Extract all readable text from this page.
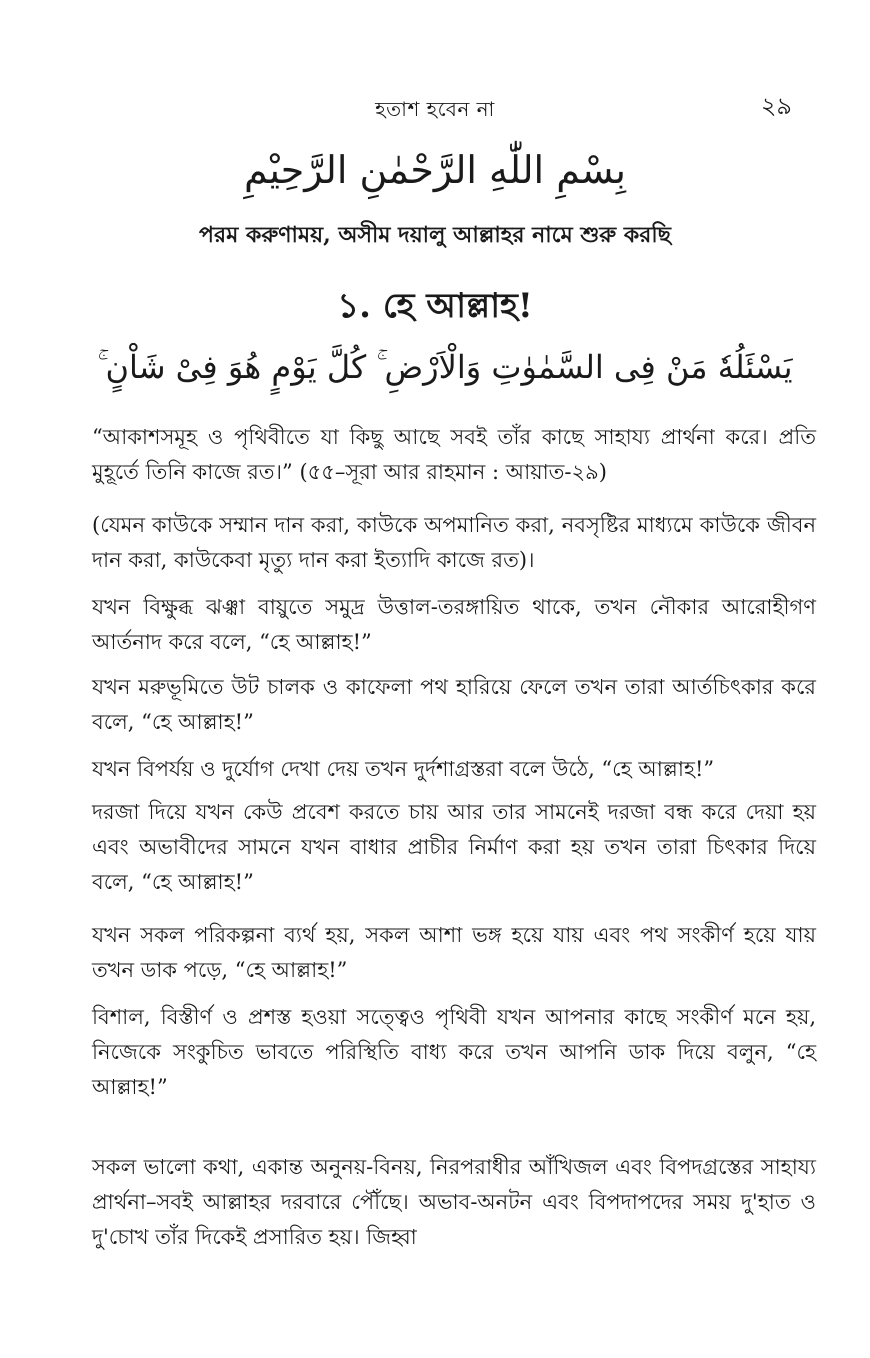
হতাশ হবেন না	২৯
بِسْمِ اللّٰهِ الرَّحْمٰنِ الرَّحِيْمِ
পরম করুণাময়, অসীম দয়ালু আল্লাহর নামে শুরু করছি
১. হে আল্লাহ!
يَسْئَلُهٗ مَنْ فِى السَّمٰوٰتِ وَالْاَرْضِ ۚ كُلَّ يَوْمٍ هُوَ فِىْ شَاْنٍ ۚ
“আকাশসমূহ ও পৃথিবীতে যা কিছু আছে সবই তাঁর কাছে সাহায্য প্রার্থনা করে। প্রতি মুহূর্তে তিনি কাজে রত।” (৫৫–সূরা আর রাহমান : আয়াত-২৯)
(যেমন কাউকে সম্মান দান করা, কাউকে অপমানিত করা, নবসৃষ্টির মাধ্যমে কাউকে জীবন দান করা, কাউকেবা মৃত্যু দান করা ইত্যাদি কাজে রত)।
যখন বিক্ষুব্ধ ঝঞ্ঝা বায়ুতে সমুদ্র উত্তাল-তরঙ্গায়িত থাকে, তখন নৌকার আরোহীগণ আর্তনাদ করে বলে, “হে আল্লাহ!”
যখন মরুভূমিতে উট চালক ও কাফেলা পথ হারিয়ে ফেলে তখন তারা আর্তচিৎকার করে বলে, “হে আল্লাহ!”
যখন বিপর্যয় ও দুর্যোগ দেখা দেয় তখন দুর্দশাগ্রস্তরা বলে উঠে, “হে আল্লাহ!”
দরজা দিয়ে যখন কেউ প্রবেশ করতে চায় আর তার সামনেই দরজা বন্ধ করে দেয়া হয় এবং অভাবীদের সামনে যখন বাধার প্রাচীর নির্মাণ করা হয় তখন তারা চিৎকার দিয়ে বলে, “হে আল্লাহ!”
যখন সকল পরিকল্পনা ব্যর্থ হয়, সকল আশা ভঙ্গ হয়ে যায় এবং পথ সংকীর্ণ হয়ে যায় তখন ডাক পড়ে, “হে আল্লাহ!”
বিশাল, বিস্তীর্ণ ও প্রশস্ত হওয়া সত্ত্বেও পৃথিবী যখন আপনার কাছে সংকীর্ণ মনে হয়, নিজেকে সংকুচিত ভাবতে পরিস্থিতি বাধ্য করে তখন আপনি ডাক দিয়ে বলুন, “হে আল্লাহ!”
সকল ভালো কথা, একান্ত অনুনয়-বিনয়, নিরপরাধীর আঁখিজল এবং বিপদগ্রস্তের সাহায্য প্রার্থনা–সবই আল্লাহর দরবারে পৌঁছে। অভাব-অনটন এবং বিপদাপদের সময় দু'হাত ও দু'চোখ তাঁর দিকেই প্রসারিত হয়। জিহ্বা
